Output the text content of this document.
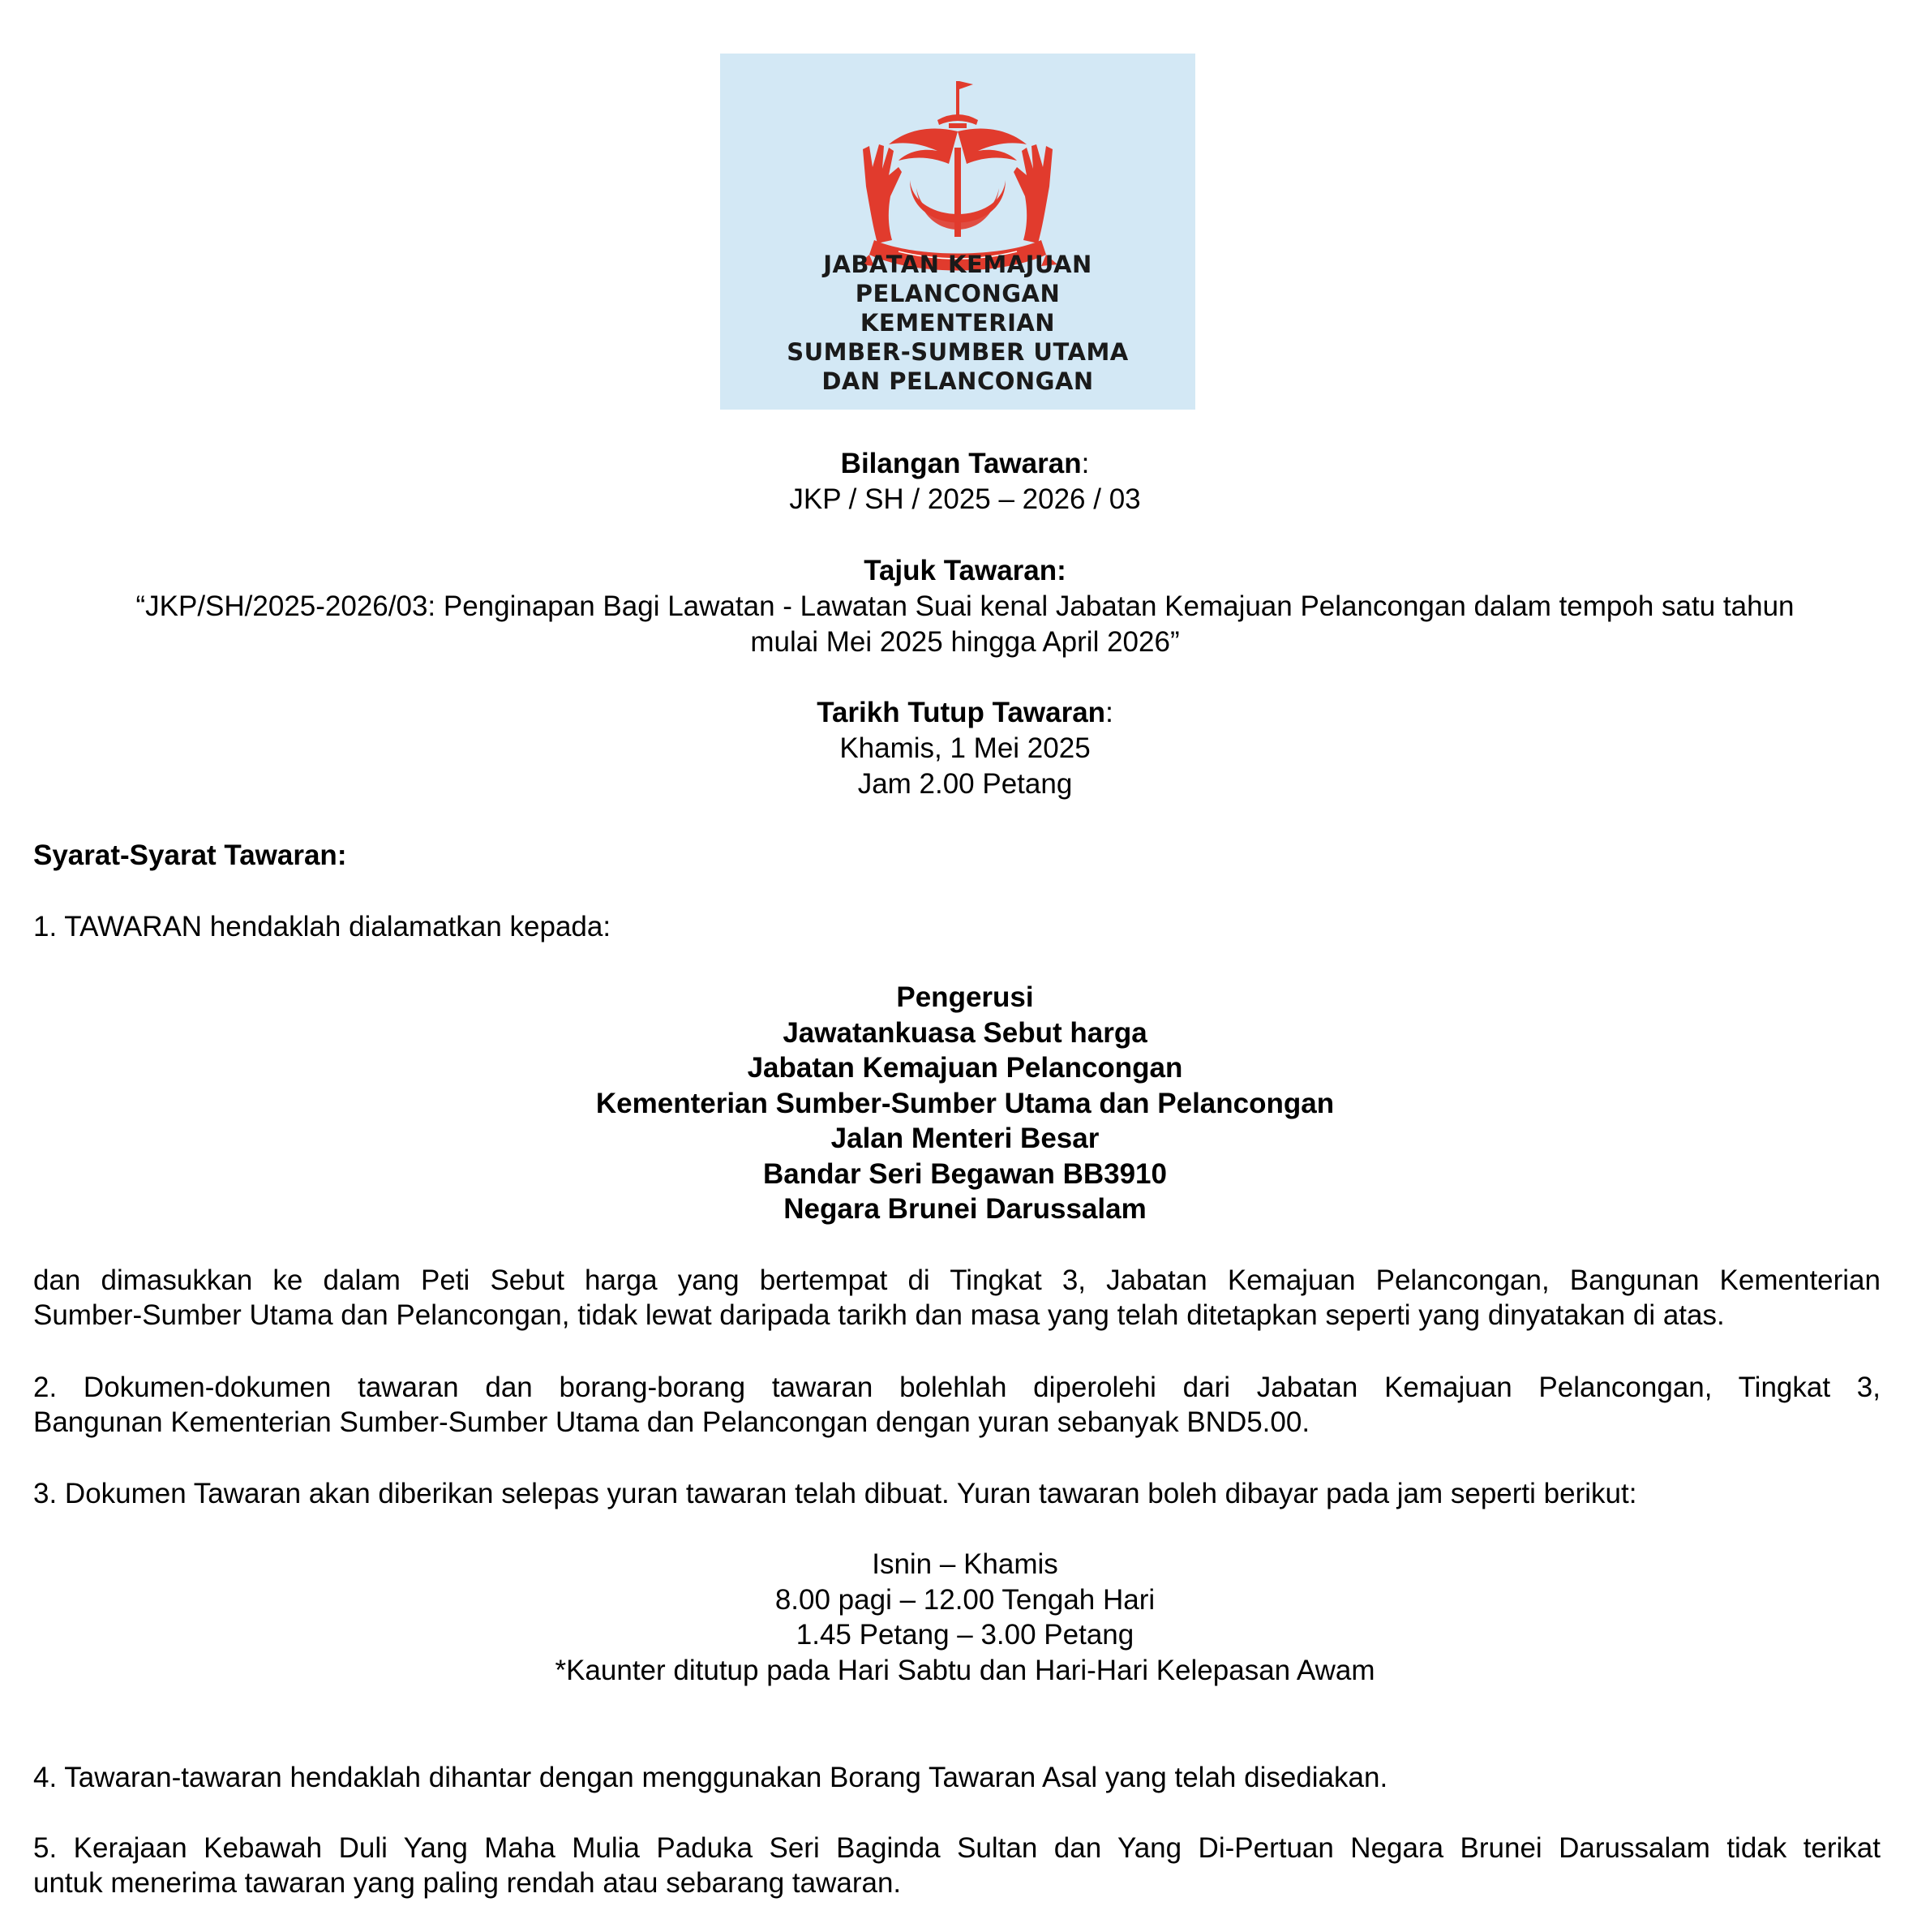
JABATAN KEMAJUAN
PELANCONGAN
KEMENTERIAN
SUMBER-SUMBER UTAMA
DAN PELANCONGAN
Bilangan Tawaran:
JKP / SH / 2025 – 2026 / 03
Tajuk Tawaran:
“JKP/SH/2025-2026/03: Penginapan Bagi Lawatan - Lawatan Suai kenal Jabatan Kemajuan Pelancongan dalam tempoh satu tahun
mulai Mei 2025 hingga April 2026”
Tarikh Tutup Tawaran:
Khamis, 1 Mei 2025
Jam 2.00 Petang
Syarat-Syarat Tawaran:
1. TAWARAN hendaklah dialamatkan kepada:
Pengerusi
Jawatankuasa Sebut harga
Jabatan Kemajuan Pelancongan
Kementerian Sumber-Sumber Utama dan Pelancongan
Jalan Menteri Besar
Bandar Seri Begawan BB3910
Negara Brunei Darussalam
dan dimasukkan ke dalam Peti Sebut harga yang bertempat di Tingkat 3, Jabatan Kemajuan Pelancongan, Bangunan Kementerian
Sumber-Sumber Utama dan Pelancongan, tidak lewat daripada tarikh dan masa yang telah ditetapkan seperti yang dinyatakan di atas.
2. Dokumen-dokumen tawaran dan borang-borang tawaran bolehlah diperolehi dari Jabatan Kemajuan Pelancongan, Tingkat 3,
Bangunan Kementerian Sumber-Sumber Utama dan Pelancongan dengan yuran sebanyak BND5.00.
3. Dokumen Tawaran akan diberikan selepas yuran tawaran telah dibuat. Yuran tawaran boleh dibayar pada jam seperti berikut:
Isnin – Khamis
8.00 pagi – 12.00 Tengah Hari
1.45 Petang – 3.00 Petang
*Kaunter ditutup pada Hari Sabtu dan Hari-Hari Kelepasan Awam
4. Tawaran-tawaran hendaklah dihantar dengan menggunakan Borang Tawaran Asal yang telah disediakan.
5. Kerajaan Kebawah Duli Yang Maha Mulia Paduka Seri Baginda Sultan dan Yang Di-Pertuan Negara Brunei Darussalam tidak terikat
untuk menerima tawaran yang paling rendah atau sebarang tawaran.
